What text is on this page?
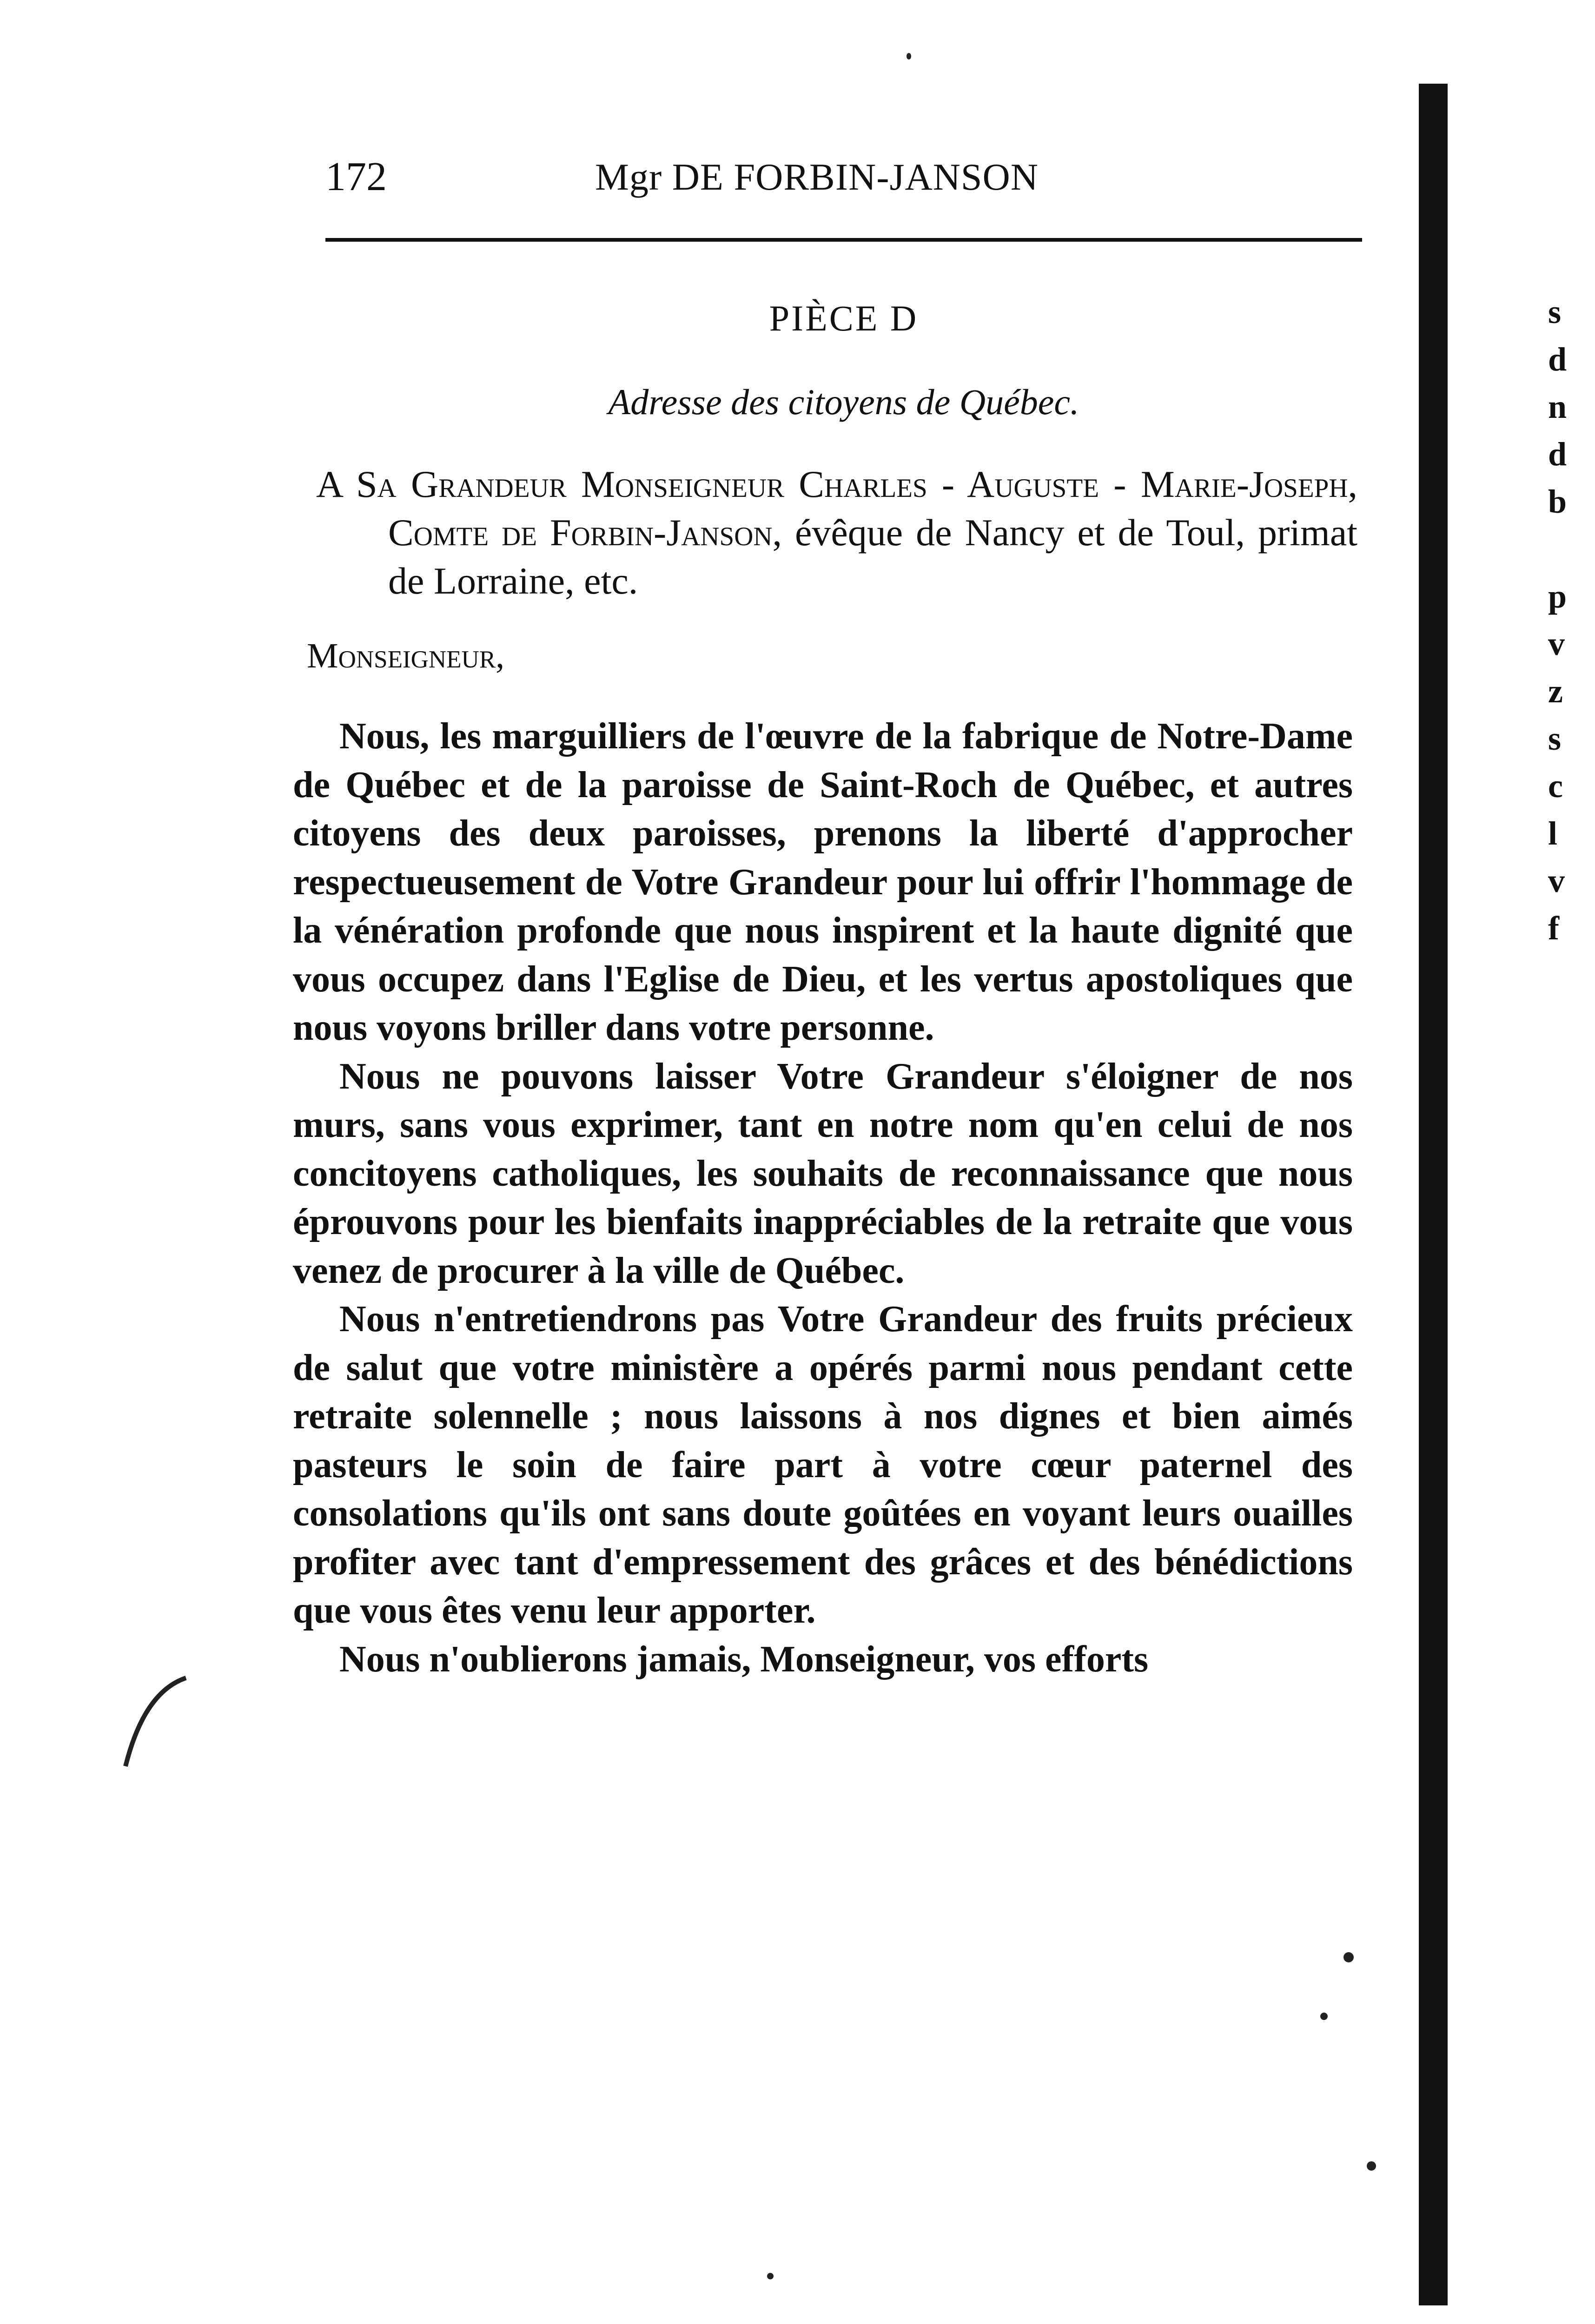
172	Mgr DE FORBIN-JANSON
PIÈCE D
Adresse des citoyens de Québec.
A Sa Grandeur Monseigneur Charles - Auguste - Marie-Joseph, Comte de Forbin-Janson, évêque de Nancy et de Toul, primat de Lorraine, etc.
Monseigneur,

Nous, les marguilliers de l'œuvre de la fabrique de Notre-Dame de Québec et de la paroisse de Saint-Roch de Québec, et autres citoyens des deux paroisses, prenons la liberté d'approcher respectueusement de Votre Grandeur pour lui offrir l'hommage de la vénération profonde que nous inspirent et la haute dignité que vous occupez dans l'Eglise de Dieu, et les vertus apostoliques que nous voyons briller dans votre personne.

Nous ne pouvons laisser Votre Grandeur s'éloigner de nos murs, sans vous exprimer, tant en notre nom qu'en celui de nos concitoyens catholiques, les souhaits de reconnaissance que nous éprouvons pour les bienfaits inappréciables de la retraite que vous venez de procurer à la ville de Québec.

Nous n'entretiendrons pas Votre Grandeur des fruits précieux de salut que votre ministère a opérés parmi nous pendant cette retraite solennelle ; nous laissons à nos dignes et bien aimés pasteurs le soin de faire part à votre cœur paternel des consolations qu'ils ont sans doute goûtées en voyant leurs ouailles profiter avec tant d'empressement des grâces et des bénédictions que vous êtes venu leur apporter.

Nous n'oublierons jamais, Monseigneur, vos efforts

s
d
n
d
b

p
v
z
s
c
l
v
f
